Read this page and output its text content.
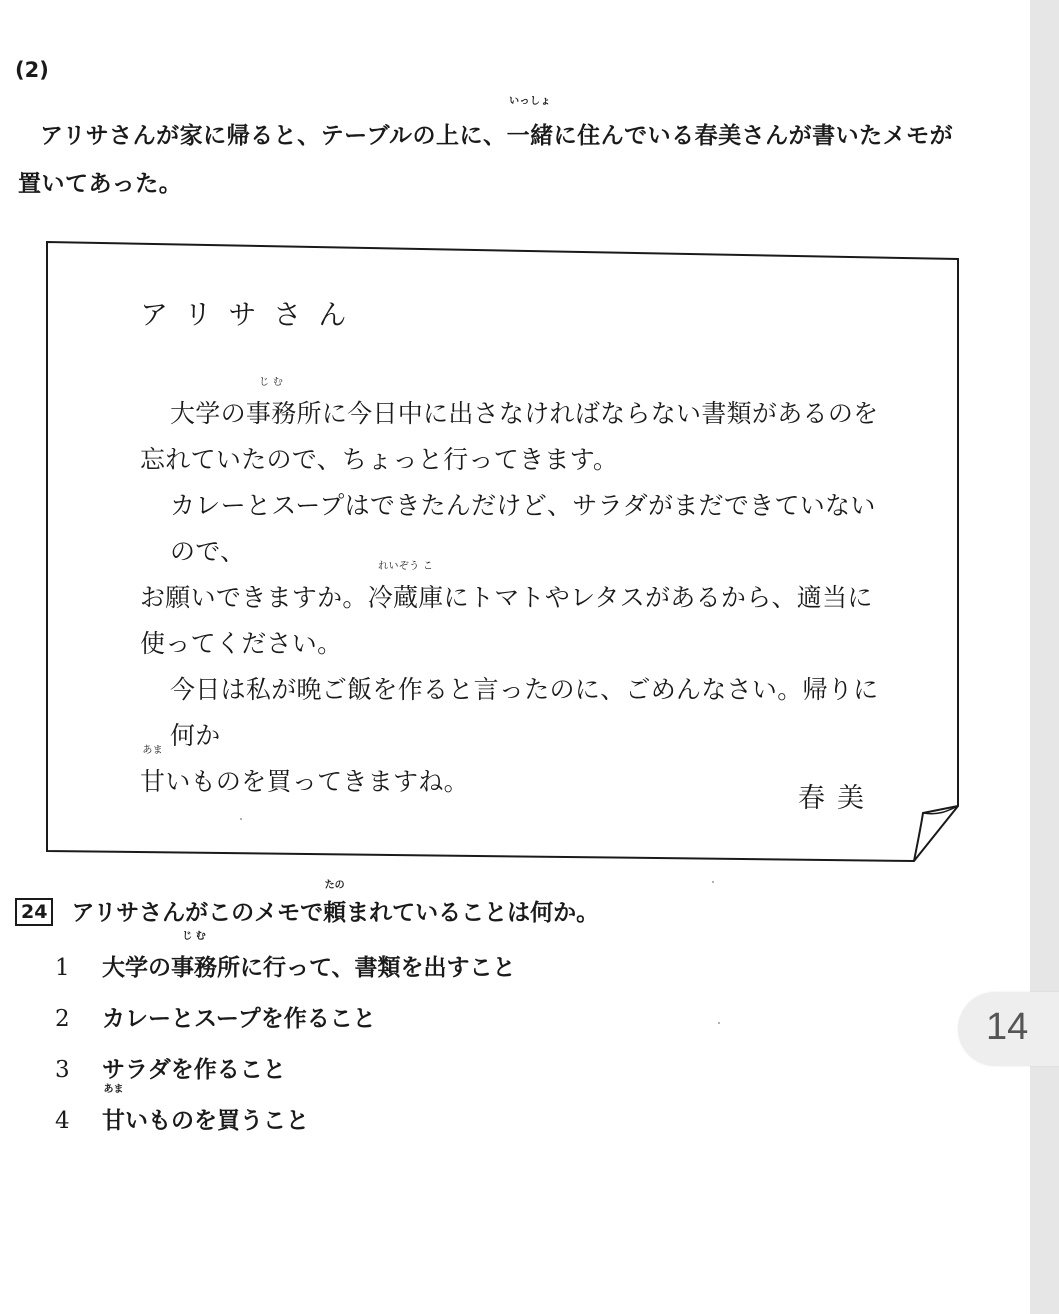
(2)
アリサさんが家に帰ると、テーブルの上に、
いっしょ
一緒に住んでいる春美さんが書いたメモが
置いてあった。
アリサさん

大学の
じ む
事務所に今日中に出さなければならない書類があるのを

忘れていたので、ちょっと行ってきます。

カレーとスープはできたんだけど、サラダがまだできていないので、

お願いできますか。
れいぞう こ
冷蔵庫にトマトやレタスがあるから、適当に

使ってください。

今日は私が晩ご飯を作ると言ったのに、ごめんなさい。帰りに何か

あま
甘いものを買ってきますね。

春美
24 アリサさんがこのメモで
たの
頼まれていることは何か。
1 大学の
じ む
事務所に行って、書類を出すこと
2 カレーとスープを作ること
3 サラダを作ること
4
あま
甘いものを買うこと
14
